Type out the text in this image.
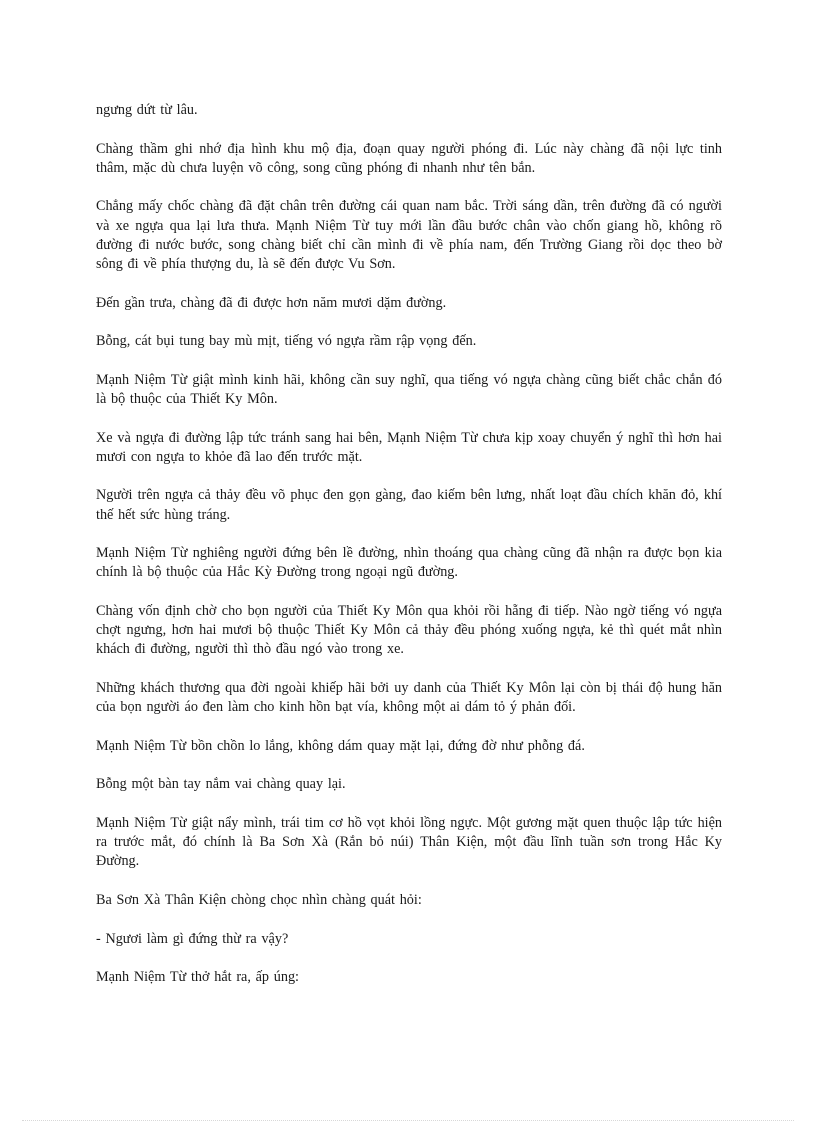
ngưng dứt từ lâu.

Chàng thầm ghi nhớ địa hình khu mộ địa, đoạn quay người phóng đi. Lúc này chàng đã nội lực tinh thâm, mặc dù chưa luyện võ công, song cũng phóng đi nhanh như tên bắn.

Chẳng mấy chốc chàng đã đặt chân trên đường cái quan nam bắc. Trời sáng dần, trên đường đã có người và xe ngựa qua lại lưa thưa. Mạnh Niệm Từ tuy mới lần đầu bước chân vào chốn giang hồ, không rõ đường đi nước bước, song chàng biết chỉ cần mình đi về phía nam, đến Trường Giang rồi dọc theo bờ sông đi về phía thượng du, là sẽ đến được Vu Sơn.

Đến gần trưa, chàng đã đi được hơn năm mươi dặm đường.

Bỗng, cát bụi tung bay mù mịt, tiếng vó ngựa rầm rập vọng đến.

Mạnh Niệm Từ giật mình kinh hãi, không cần suy nghĩ, qua tiếng vó ngựa chàng cũng biết chắc chắn đó là bộ thuộc của Thiết Ky Môn.

Xe và ngựa đi đường lập tức tránh sang hai bên, Mạnh Niệm Từ chưa kịp xoay chuyển ý nghĩ thì hơn hai mươi con ngựa to khỏe đã lao đến trước mặt.

Người trên ngựa cả thảy đều võ phục đen gọn gàng, đao kiếm bên lưng, nhất loạt đầu chích khăn đỏ, khí thế hết sức hùng tráng.

Mạnh Niệm Từ nghiêng người đứng bên lề đường, nhìn thoáng qua chàng cũng đã nhận ra được bọn kia chính là bộ thuộc của Hắc Kỳ Đường trong ngoại ngũ đường.

Chàng vốn định chờ cho bọn người của Thiết Ky Môn qua khỏi rồi hẵng đi tiếp. Nào ngờ tiếng vó ngựa chợt ngưng, hơn hai mươi bộ thuộc Thiết Ky Môn cả thảy đều phóng xuống ngựa, kẻ thì quét mắt nhìn khách đi đường, người thì thò đầu ngó vào trong xe.

Những khách thương qua đời ngoài khiếp hãi bởi uy danh của Thiết Ky Môn lại còn bị thái độ hung hăn của bọn người áo đen làm cho kinh hồn bạt vía, không một ai dám tỏ ý phản đối.

Mạnh Niệm Từ bồn chồn lo lắng, không dám quay mặt lại, đứng đờ như phỗng đá.

Bỗng một bàn tay nắm vai chàng quay lại.

Mạnh Niệm Từ giật nẩy mình, trái tim cơ hồ vọt khỏi lồng ngực. Một gương mặt quen thuộc lập tức hiện ra trước mắt, đó chính là Ba Sơn Xà (Rắn bỏ núi) Thân Kiện, một đầu lĩnh tuần sơn trong Hắc Ky Đường.

Ba Sơn Xà Thân Kiện chòng chọc nhìn chàng quát hỏi:

- Ngươi làm gì đứng thừ ra vậy?

Mạnh Niệm Từ thở hắt ra, ấp úng:
